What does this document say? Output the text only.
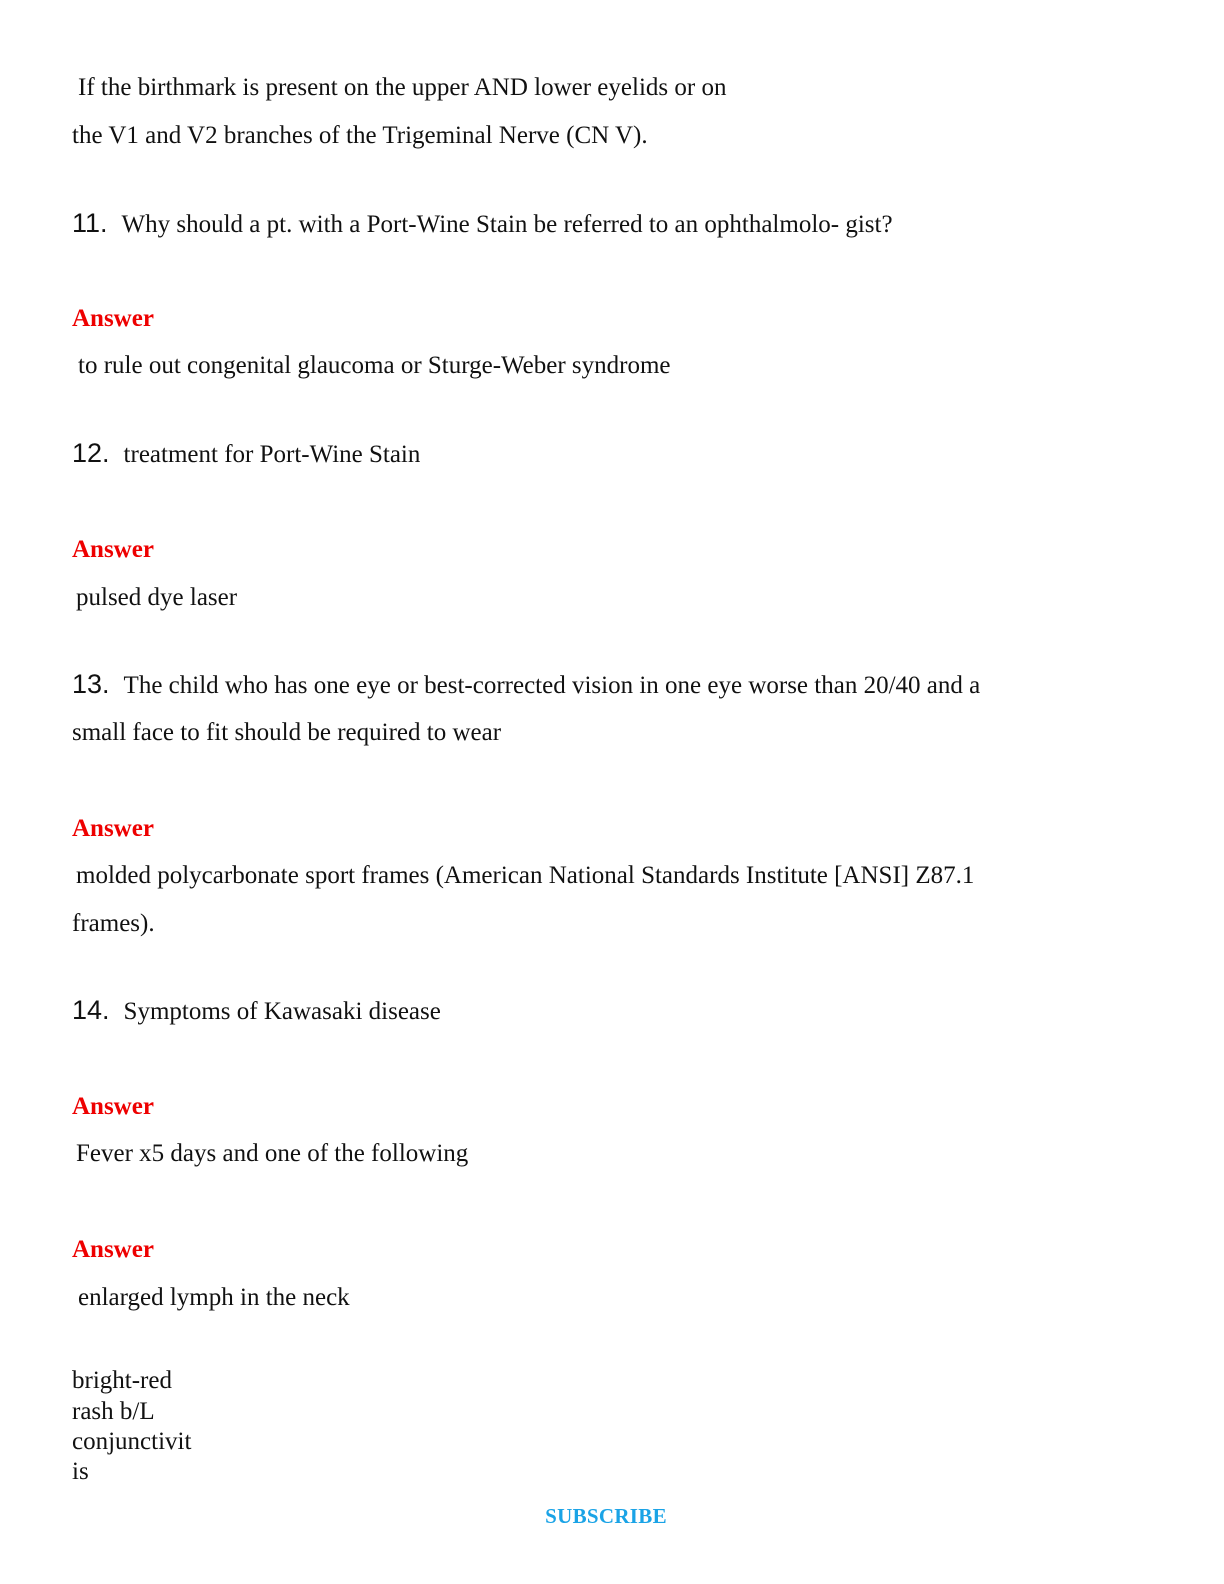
If the birthmark is present on the upper AND lower eyelids or on
the V1 and V2 branches of the Trigeminal Nerve (CN V).
11. Why should a pt. with a Port-Wine Stain be referred to an ophthalmolo- gist?
Answer
to rule out congenital glaucoma or Sturge-Weber syndrome
12. treatment for Port-Wine Stain
Answer
pulsed dye laser
13. The child who has one eye or best-corrected vision in one eye worse than 20/40 and a
small face to fit should be required to wear
Answer
molded polycarbonate sport frames (American National Standards Institute [ANSI] Z87.1
frames).
14. Symptoms of Kawasaki disease
Answer
Fever x5 days and one of the following
Answer
enlarged lymph in the neck
bright-red
rash b/L
conjunctivit
is
SUBSCRIBE
